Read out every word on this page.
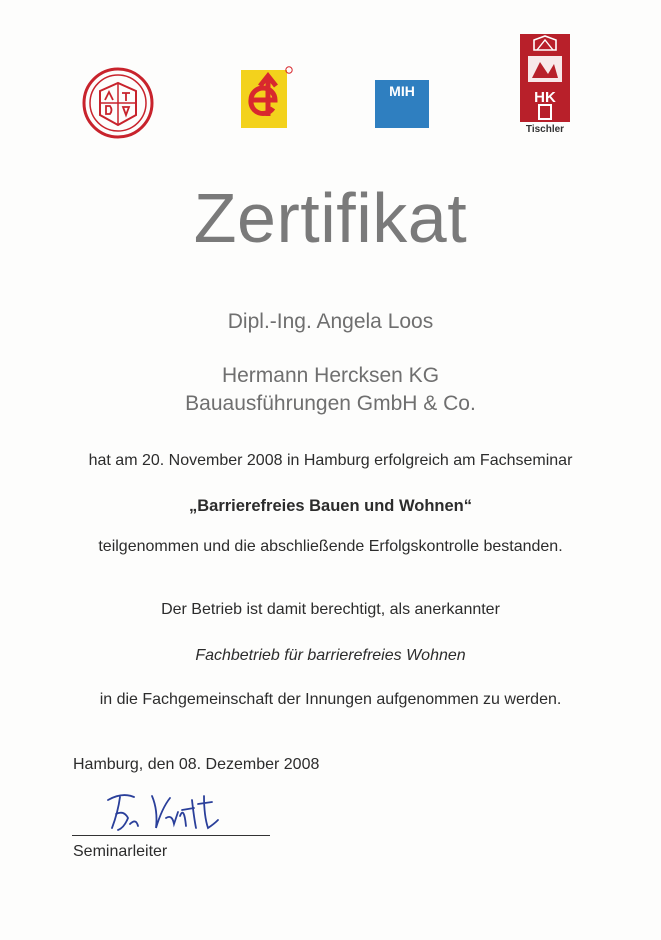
MIH	HK
Tischler
Zertifikat
Dipl.-Ing. Angela Loos
Hermann Hercksen KG
Bauausführungen GmbH & Co.
hat am 20. November 2008 in Hamburg erfolgreich am Fachseminar
„Barrierefreies Bauen und Wohnen“
teilgenommen und die abschließende Erfolgskontrolle bestanden.
Der Betrieb ist damit berechtigt, als anerkannter
Fachbetrieb für barrierefreies Wohnen
in die Fachgemeinschaft der Innungen aufgenommen zu werden.
Hamburg, den 08. Dezember 2008
Seminarleiter
